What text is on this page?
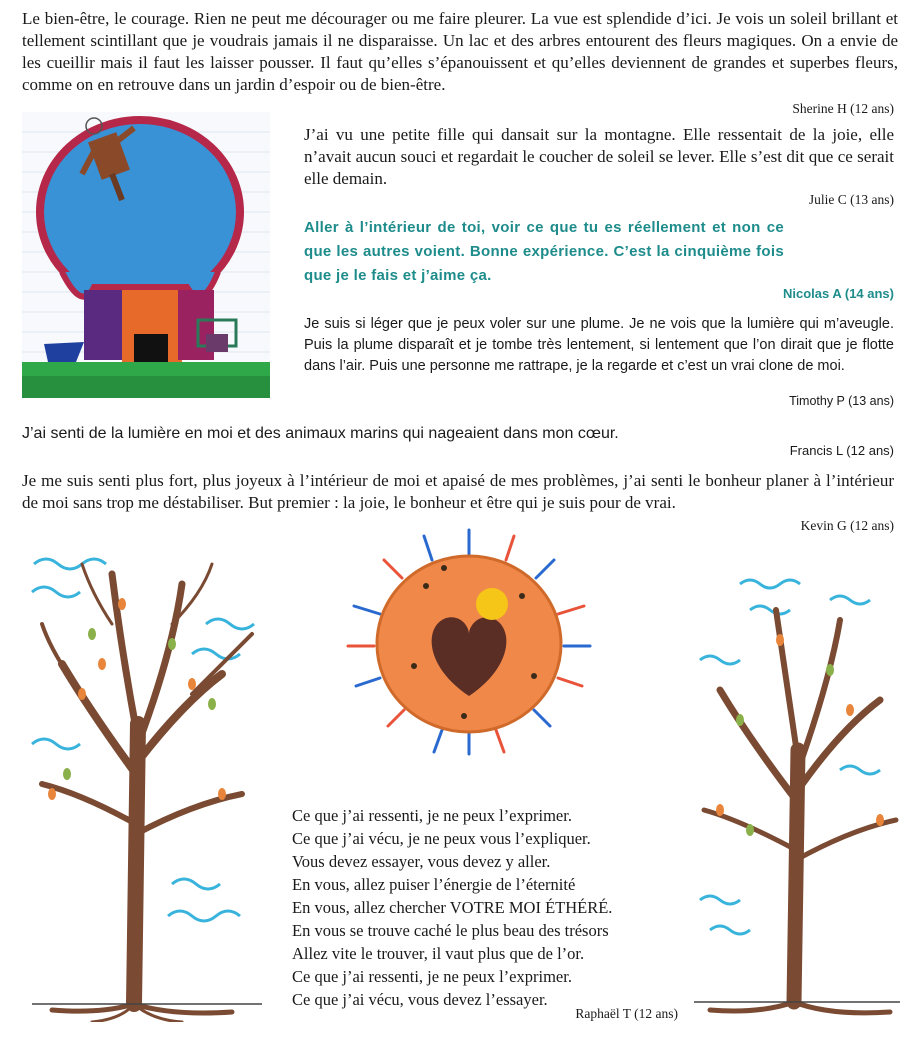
Le bien-être, le courage. Rien ne peut me décourager ou me faire pleurer. La vue est splendide d’ici. Je vois un soleil brillant et tellement scintillant que je voudrais jamais il ne disparaisse. Un lac et des arbres entourent des fleurs magiques. On a envie de les cueillir mais il faut les laisser pousser. Il faut qu’elles s’épanouissent et qu’elles deviennent de grandes et superbes fleurs, comme on en retrouve dans un jardin d’espoir ou de bien-être.
Sherine H (12 ans)
J’ai vu une petite fille qui dansait sur la montagne. Elle ressentait de la joie, elle n’avait aucun souci et regardait le coucher de soleil se lever. Elle s’est dit que ce serait elle demain.
Julie C (13 ans)
Aller à l’intérieur de toi, voir ce que tu es réellement et non ce que les autres voient. Bonne expérience. C’est la cinquième fois que je le fais et j’aime ça.
Nicolas A (14 ans)
Je suis si léger que je peux voler sur une plume. Je ne vois que la lumière qui m’aveugle. Puis la plume disparaît et je tombe très lentement, si lentement que l’on dirait que je flotte dans l’air. Puis une personne me rattrape, je la regarde et c’est un vrai clone de moi.
Timothy P (13 ans)
J’ai senti de la lumière en moi et des animaux marins qui nageaient dans mon cœur.
Francis L (12 ans)
Je me suis senti plus fort, plus joyeux à l’intérieur de moi et apaisé de mes problèmes, j’ai senti le bonheur planer à l’intérieur de moi sans trop me déstabiliser. But premier : la joie, le bonheur et être qui je suis pour de vrai.
Kevin G (12 ans)
Ce que j’ai ressenti, je ne peux l’exprimer.
Ce que j’ai vécu, je ne peux vous l’expliquer.
Vous devez essayer, vous devez y aller.
En vous, allez puiser l’énergie de l’éternité
En vous, allez chercher VOTRE MOI ÉTHÉRÉ.
En vous se trouve caché le plus beau des trésors
Allez vite le trouver, il vaut plus que de l’or.
Ce que j’ai ressenti, je ne peux l’exprimer.
Ce que j’ai vécu, vous devez l’essayer.
Raphaël T (12 ans)
